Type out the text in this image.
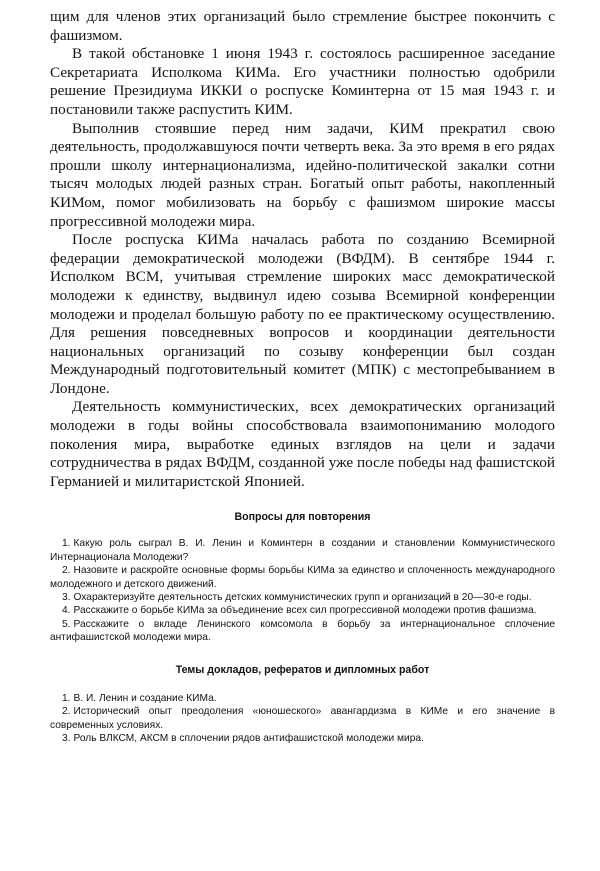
щим для членов этих организаций было стремление быстрее покончить с фашизмом.

В такой обстановке 1 июня 1943 г. состоялось расширенное заседание Секретариата Исполкома КИМа. Его участники полностью одобрили решение Президиума ИККИ о роспуске Коминтерна от 15 мая 1943 г. и постановили также распустить КИМ.

Выполнив стоявшие перед ним задачи, КИМ прекратил свою деятельность, продолжавшуюся почти четверть века. За это время в его рядах прошли школу интернационализма, идейно-политической закалки сотни тысяч молодых людей разных стран. Богатый опыт работы, накопленный КИМом, помог мобилизовать на борьбу с фашизмом широкие массы прогрессивной молодежи мира.

После роспуска КИМа началась работа по созданию Всемирной федерации демократической молодежи (ВФДМ). В сентябре 1944 г. Исполком ВСМ, учитывая стремление широких масс демократической молодежи к единству, выдвинул идею созыва Всемирной конференции молодежи и проделал большую работу по ее практическому осуществлению. Для решения повседневных вопросов и координации деятельности национальных организаций по созыву конференции был создан Международный подготовительный комитет (МПК) с местопребыванием в Лондоне.

Деятельность коммунистических, всех демократических организаций молодежи в годы войны способствовала взаимопониманию молодого поколения мира, выработке единых взглядов на цели и задачи сотрудничества в рядах ВФДМ, созданной уже после победы над фашистской Германией и милитаристской Японией.

Вопросы для повторения
1. Какую роль сыграл В. И. Ленин и Коминтерн в создании и становлении Коммунистического Интернационала Молодежи?
2. Назовите и раскройте основные формы борьбы КИМа за единство и сплоченность международного молодежного и детского движений.
3. Охарактеризуйте деятельность детских коммунистических групп и организаций в 20—30-е годы.
4. Расскажите о борьбе КИМа за объединение всех сил прогрессивной молодежи против фашизма.
5. Расскажите о вкладе Ленинского комсомола в борьбу за интернациональное сплочение антифашистской молодежи мира.
Темы докладов, рефератов и дипломных работ
1. В. И. Ленин и создание КИМа.
2. Исторический опыт преодоления «юношеского» авангардизма в КИМе и его значение в современных условиях.
3. Роль ВЛКСМ, АКСМ в сплочении рядов антифашистской молодежи мира.
